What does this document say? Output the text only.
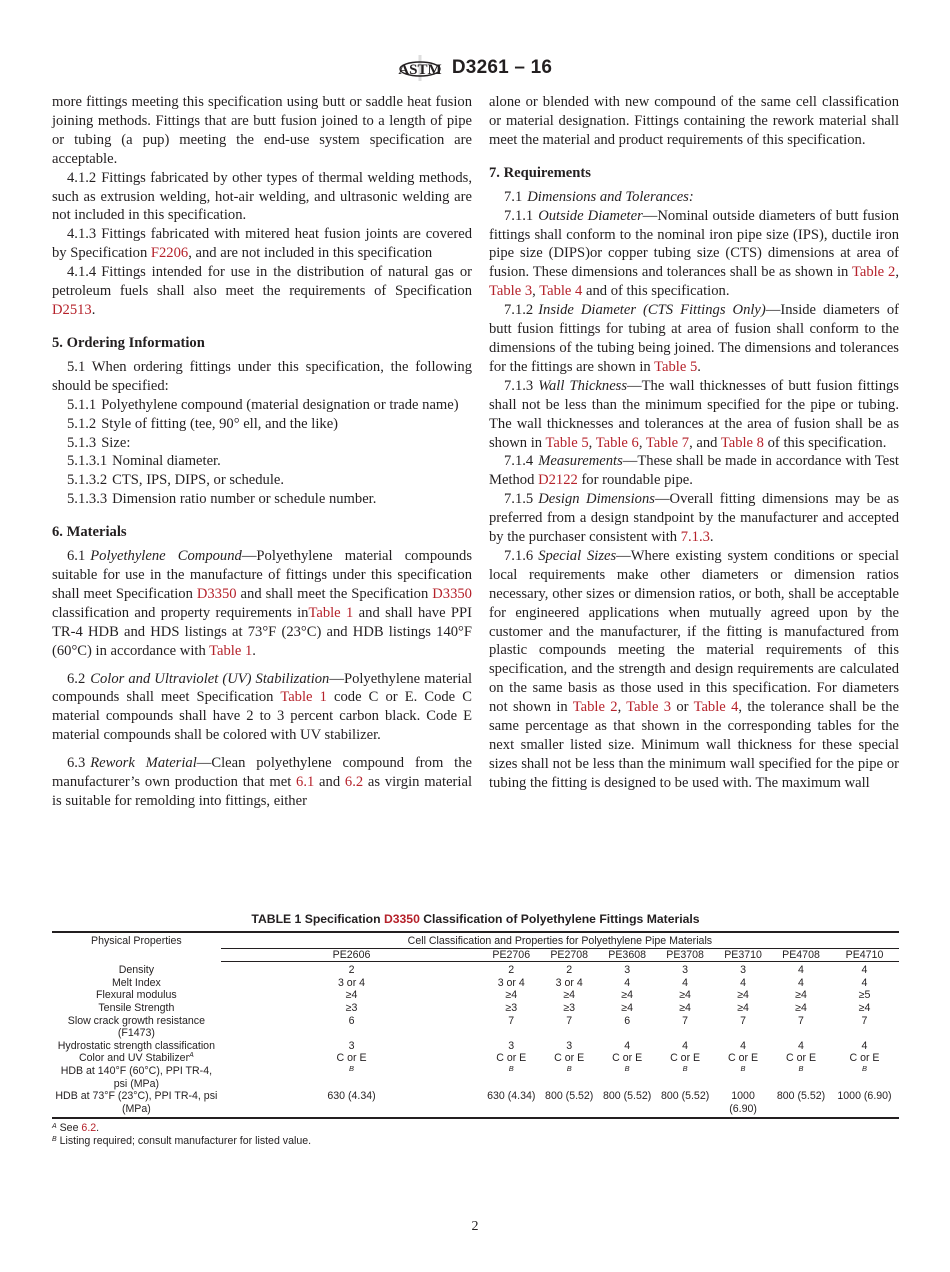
ASTM D3261 – 16

more fittings meeting this specification using butt or saddle heat fusion joining methods. Fittings that are butt fusion joined to a length of pipe or tubing (a pup) meeting the end-use system specification are acceptable.

4.1.2 Fittings fabricated by other types of thermal welding methods, such as extrusion welding, hot-air welding, and ultrasonic welding are not included in this specification.

4.1.3 Fittings fabricated with mitered heat fusion joints are covered by Specification F2206, and are not included in this specification

4.1.4 Fittings intended for use in the distribution of natural gas or petroleum fuels shall also meet the requirements of Specification D2513.

5. Ordering Information

5.1 When ordering fittings under this specification, the following should be specified:

5.1.1 Polyethylene compound (material designation or trade name)

5.1.2 Style of fitting (tee, 90° ell, and the like)

5.1.3 Size:

5.1.3.1 Nominal diameter.

5.1.3.2 CTS, IPS, DIPS, or schedule.

5.1.3.3 Dimension ratio number or schedule number.

6. Materials

6.1 Polyethylene Compound—Polyethylene material compounds suitable for use in the manufacture of fittings under this specification shall meet Specification D3350 and shall meet the Specification D3350 classification and property requirements inTable 1 and shall have PPI TR-4 HDB and HDS listings at 73°F (23°C) and HDB listings 140°F (60°C) in accordance with Table 1.

6.2 Color and Ultraviolet (UV) Stabilization—Polyethylene material compounds shall meet Specification Table 1 code C or E. Code C material compounds shall have 2 to 3 percent carbon black. Code E material compounds shall be colored with UV stabilizer.

6.3 Rework Material—Clean polyethylene compound from the manufacturer’s own production that met 6.1 and 6.2 as virgin material is suitable for remolding into fittings, either

alone or blended with new compound of the same cell classification or material designation. Fittings containing the rework material shall meet the material and product requirements of this specification.

7. Requirements

7.1 Dimensions and Tolerances:

7.1.1 Outside Diameter—Nominal outside diameters of butt fusion fittings shall conform to the nominal iron pipe size (IPS), ductile iron pipe size (DIPS)or copper tubing size (CTS) dimensions at area of fusion. These dimensions and tolerances shall be as shown in Table 2, Table 3, Table 4 and of this specification.

7.1.2 Inside Diameter (CTS Fittings Only)—Inside diameters of butt fusion fittings for tubing at area of fusion shall conform to the dimensions of the tubing being joined. The dimensions and tolerances for the fittings are shown in Table 5.

7.1.3 Wall Thickness—The wall thicknesses of butt fusion fittings shall not be less than the minimum specified for the pipe or tubing. The wall thicknesses and tolerances at the area of fusion shall be as shown in Table 5, Table 6, Table 7, and Table 8 of this specification.

7.1.4 Measurements—These shall be made in accordance with Test Method D2122 for roundable pipe.

7.1.5 Design Dimensions—Overall fitting dimensions may be as preferred from a design standpoint by the manufacturer and accepted by the purchaser consistent with 7.1.3.

7.1.6 Special Sizes—Where existing system conditions or special local requirements make other diameters or dimension ratios necessary, other sizes or dimension ratios, or both, shall be acceptable for engineered applications when mutually agreed upon by the customer and the manufacturer, if the fitting is manufactured from plastic compounds meeting the material requirements of this specification, and the strength and design requirements are calculated on the same basis as those used in this specification. For diameters not shown in Table 2, Table 3 or Table 4, the tolerance shall be the same percentage as that shown in the corresponding tables for the next smaller listed size. Minimum wall thickness for these special sizes shall not be less than the minimum wall specified for the pipe or tubing the fitting is designed to be used with. The maximum wall

TABLE 1 Specification D3350 Classification of Polyethylene Fittings Materials
Physical Properties	Cell Classification and Properties for Polyethylene Pipe Materials							
	PE2606	PE2706	PE2708	PE3608	PE3708	PE3710	PE4708	PE4710
Density	2	2	2	3	3	3	4	4
Melt Index	3 or 4	3 or 4	3 or 4	4	4	4	4	4
Flexural modulus	≥4	≥4	≥4	≥4	≥4	≥4	≥4	≥5
Tensile Strength	≥3	≥3	≥3	≥4	≥4	≥4	≥4	≥4
Slow crack growth resistance (F1473)	6	7	7	6	7	7	7	7
Hydrostatic strength classification	3	3	3	4	4	4	4	4
Color and UV Stabilizer$^A$	C or E	C or E	C or E	C or E	C or E	C or E	C or E	C or E
HDB at 140°F (60°C), PPI TR-4, psi (MPa)	B	B	B	B	B	B	B	B

HDB at 73°F (23°C), PPI TR-4, psi (MPa)	630 (4.34)	630 (4.34)	800 (5.52)	800 (5.52)	800 (5.52)	1000 (6.90)	800 (5.52)	1000 (6.90)
$^A$ See 6.2.
$^B$ Listing required; consult manufacturer for listed value.
2
